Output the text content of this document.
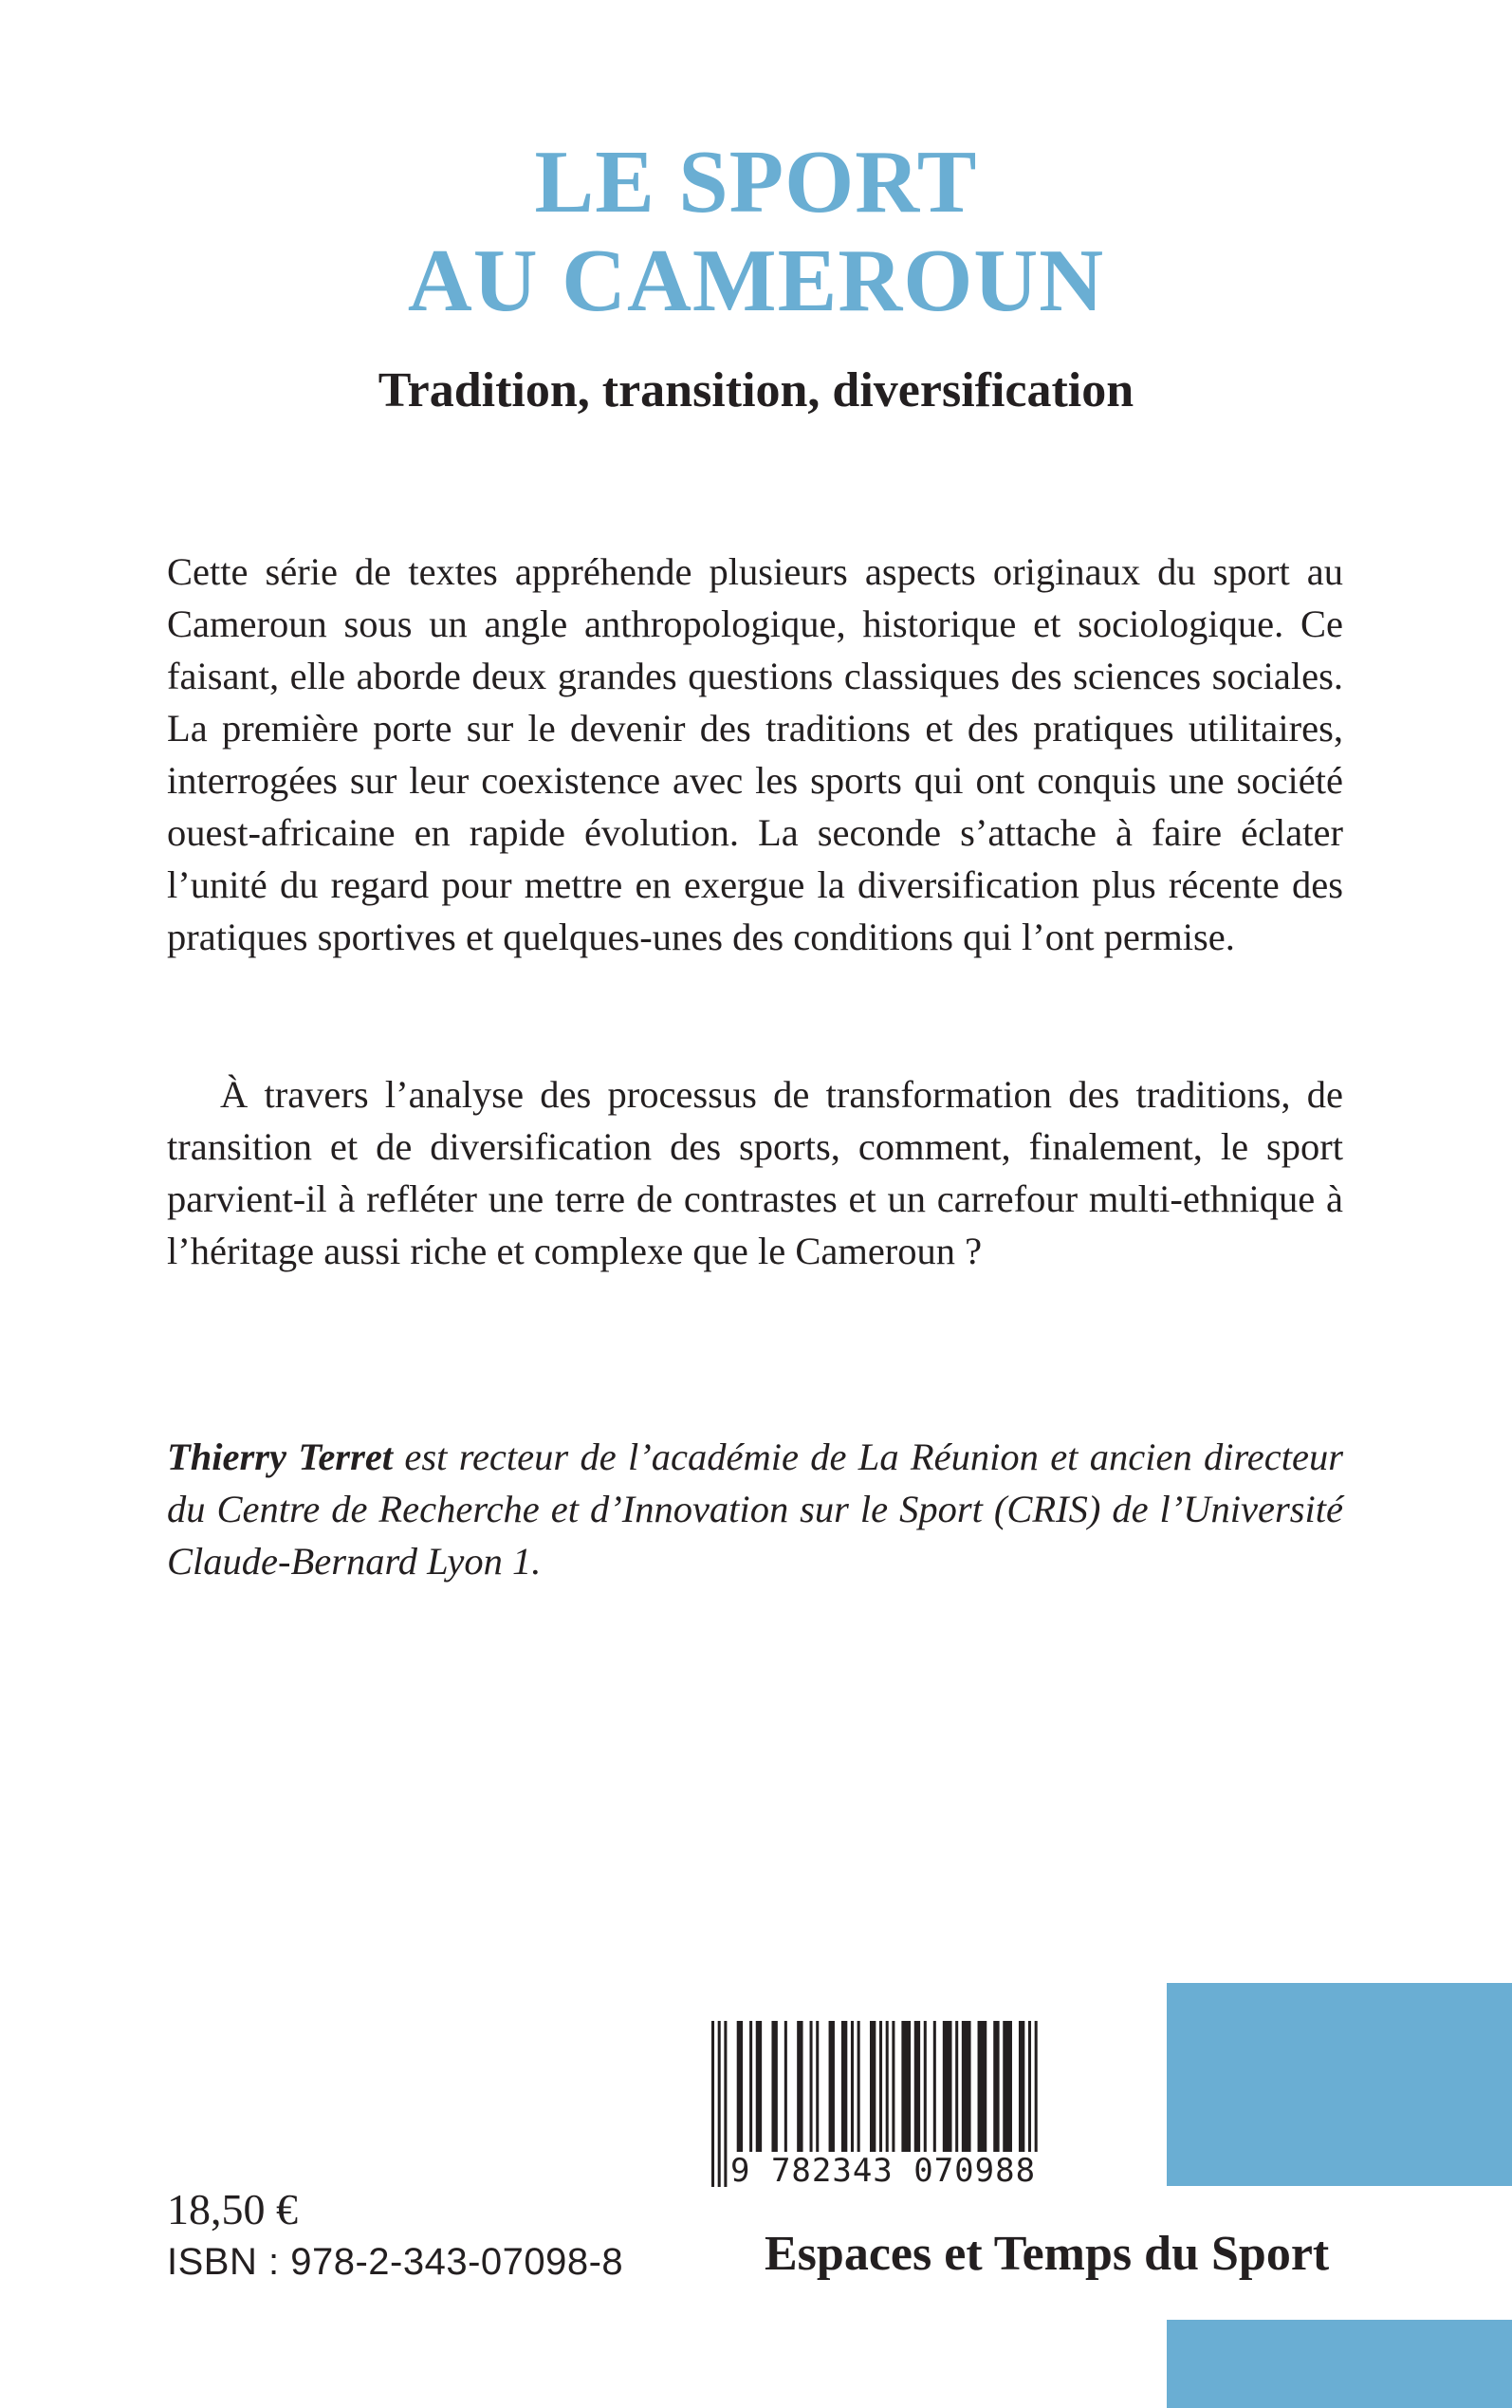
LE SPORT
AU CAMEROUN
Tradition, transition, diversification

Cette série de textes appréhende plusieurs aspects originaux du sport au Cameroun sous un angle anthropologique, historique et sociologique. Ce faisant, elle aborde deux grandes questions classiques des sciences sociales. La première porte sur le devenir des traditions et des pratiques utilitaires, interrogées sur leur coexistence avec les sports qui ont conquis une société ouest-africaine en rapide évolution. La seconde s’attache à faire éclater l’unité du regard pour mettre en exergue la diversification plus récente des pratiques sportives et quelques-unes des conditions qui l’ont permise.

À travers l’analyse des processus de transformation des traditions, de transition et de diversification des sports, comment, finalement, le sport parvient-il à refléter une terre de contrastes et un carrefour multi-ethnique à l’héritage aussi riche et complexe que le Cameroun ?

Thierry Terret est recteur de l’académie de La Réunion et ancien directeur du Centre de Recherche et d’Innovation sur le Sport (CRIS) de l’Université Claude-Bernard Lyon 1.

9 782343 070988

18,50 €

ISBN : 978-2-343-07098-8	Espaces et Temps du Sport
